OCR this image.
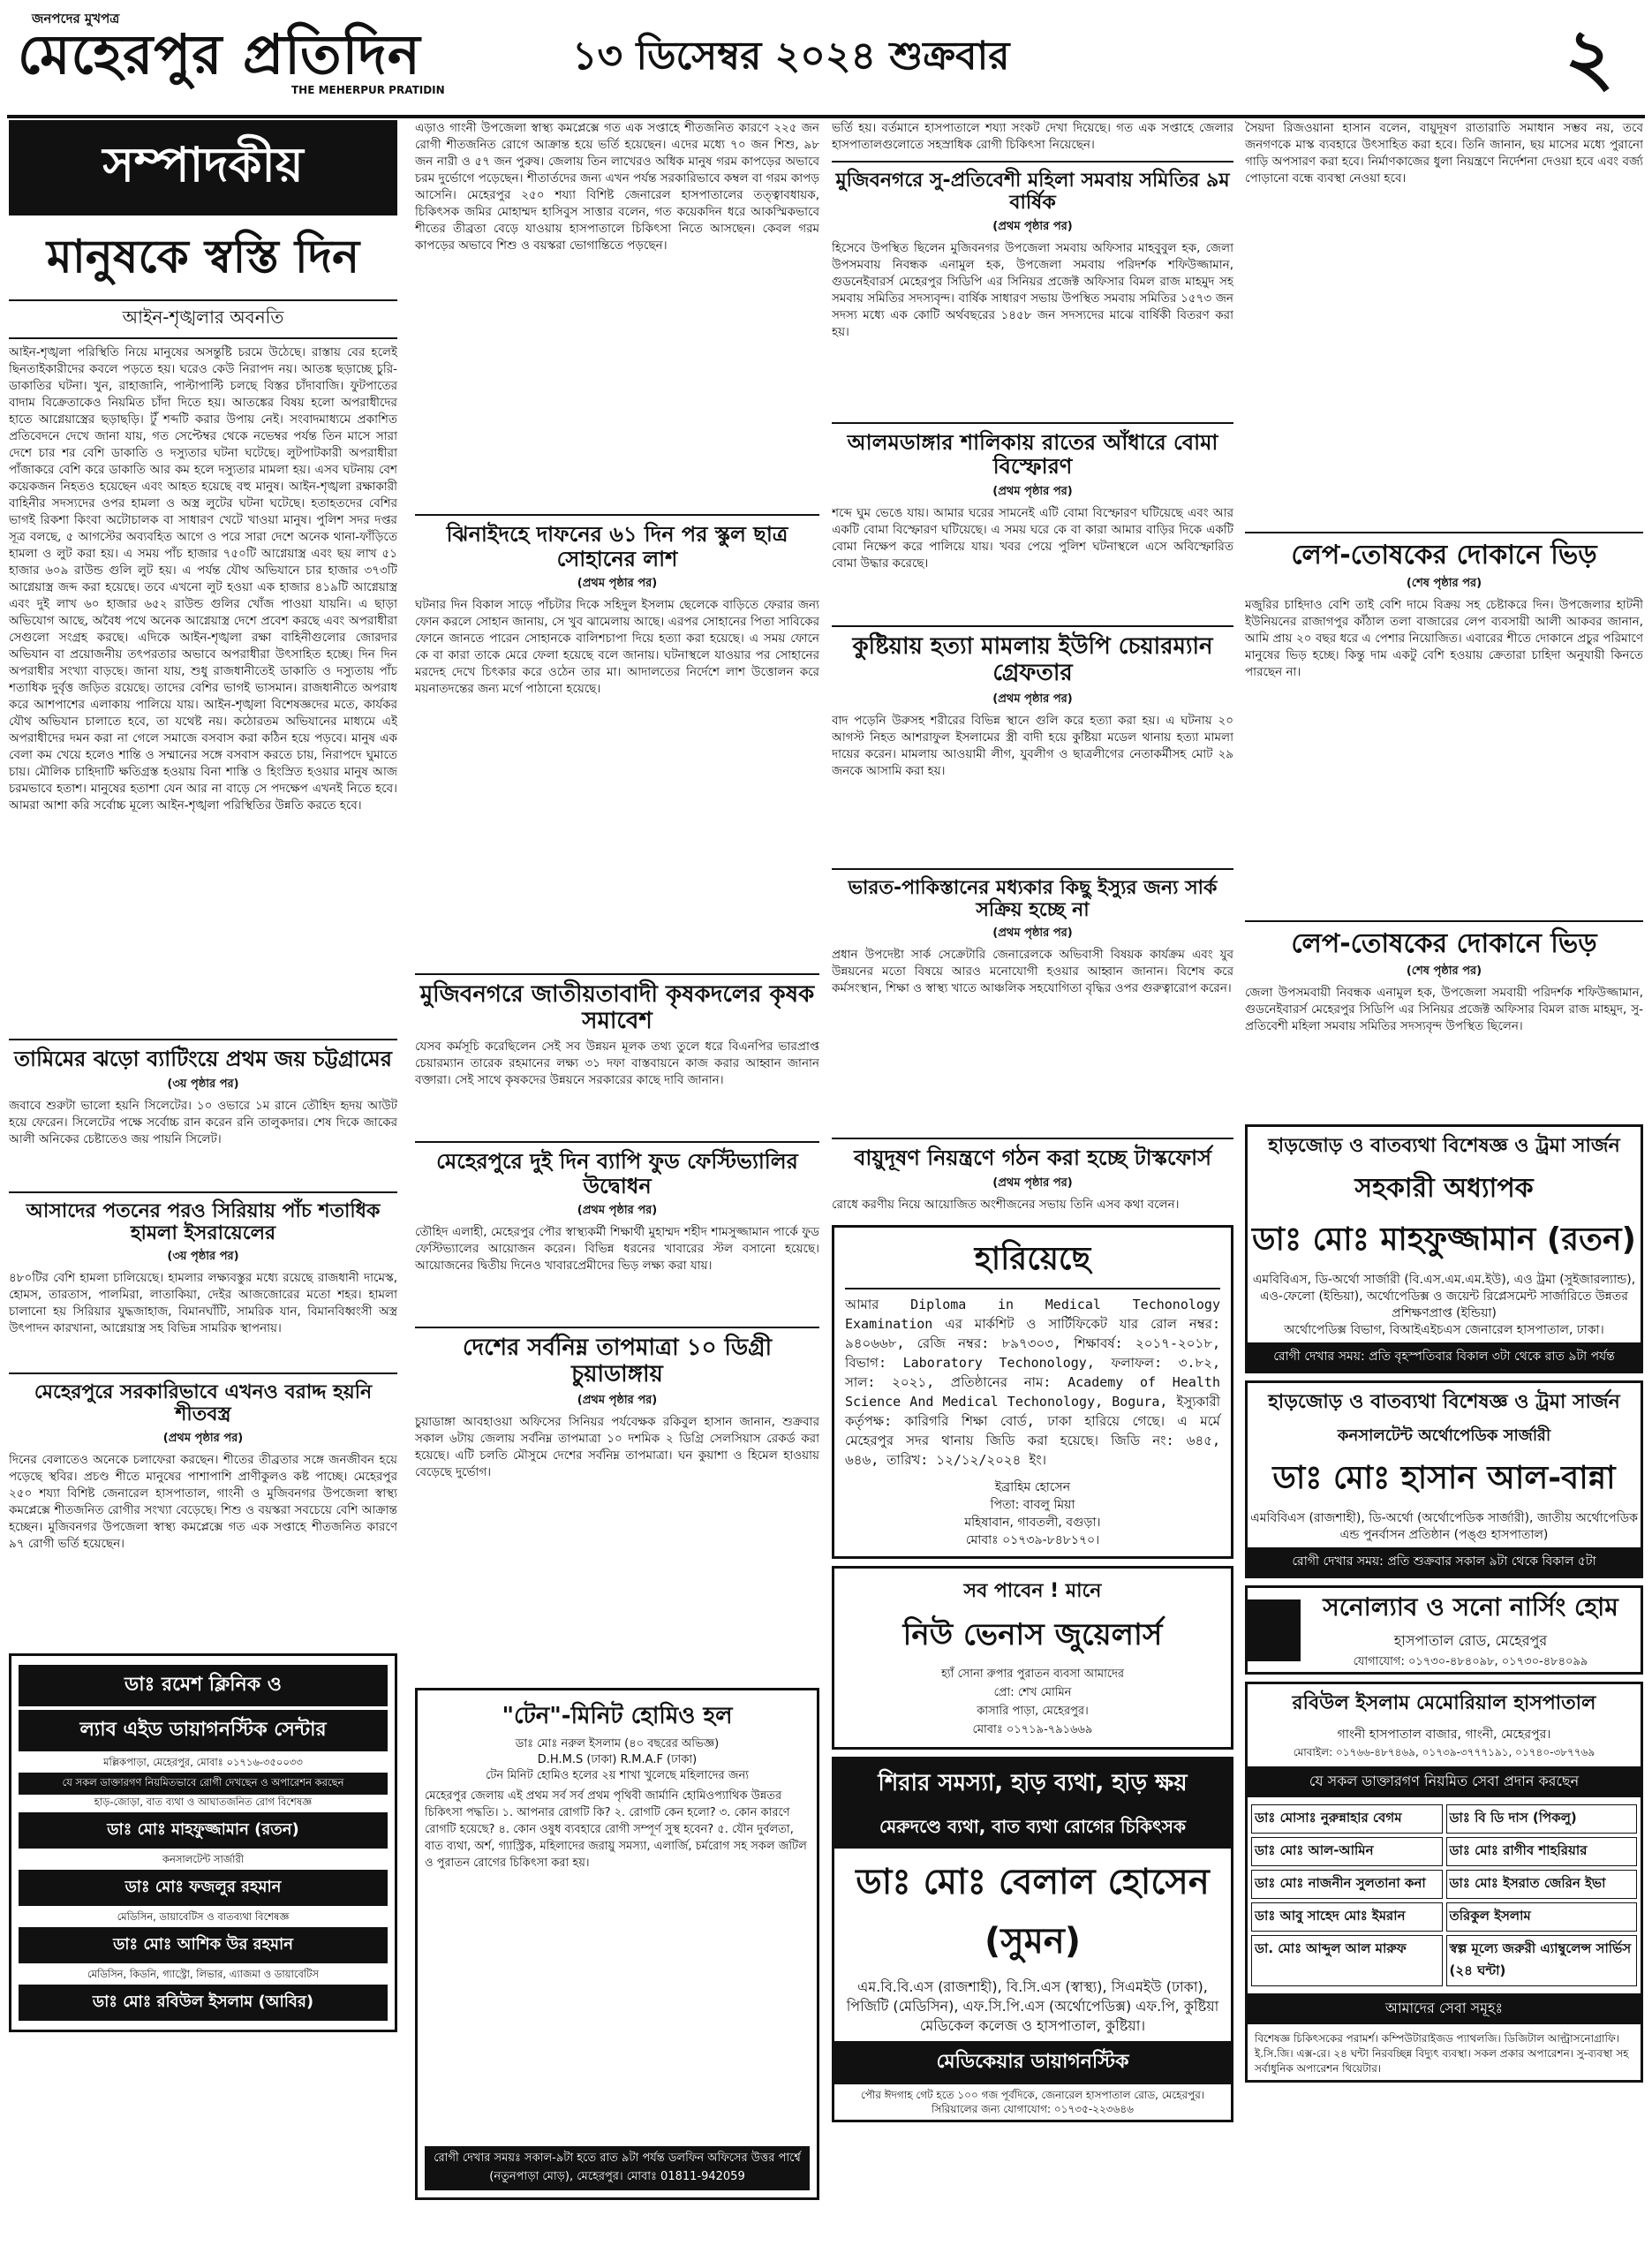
জনপদের মুখপত্র
মেহেরপুর প্রতিদিন
THE MEHERPUR PRATIDIN
১৩ ডিসেম্বর ২০২৪ শুক্রবার	২
সম্পাদকীয়
মানুষকে স্বস্তি দিন
আইন-শৃঙ্খলার অবনতি
আইন-শৃঙ্খলা পরিস্থিতি নিয়ে মানুষের অসন্তুষ্টি চরমে উঠেছে। রাস্তায় বের হলেই ছিনতাইকারীদের কবলে পড়তে হয়। ঘরেও কেউ নিরাপদ নয়। আতঙ্ক ছড়াচ্ছে চুরি-ডাকাতির ঘটনা। খুন, রাহাজানি, পাল্টাপাল্টি চলছে বিস্তর চাঁদাবাজি। ফুটপাতের বাদাম বিক্রেতাকেও নিয়মিত চাঁদা দিতে হয়। আতঙ্কের বিষয় হলো অপরাধীদের হাতে আগ্নেয়াস্ত্রের ছড়াছড়ি। টুঁ শব্দটি করার উপায় নেই। সংবাদমাধ্যমে প্রকাশিত প্রতিবেদনে দেখে জানা যায়, গত সেপ্টেম্বর থেকে নভেম্বর পর্যন্ত তিন মাসে সারা দেশে চার শর বেশি ডাকাতি ও দস্যুতার ঘটনা ঘটেছে। লুটপাটকারী অপরাধীরা পাঁজাকরে বেশি করে ডাকাতি আর কম হলে দস্যুতার মামলা হয়। এসব ঘটনায় বেশ কয়েকজন নিহতও হয়েছেন এবং আহত হয়েছে বহু মানুষ। আইন-শৃঙ্খলা রক্ষাকারী বাহিনীর সদস্যদের ওপর হামলা ও অস্ত্র লুটের ঘটনা ঘটেছে। হতাহতদের বেশির ভাগই রিকশা কিংবা অটোচালক বা সাধারণ খেটে খাওয়া মানুষ। পুলিশ সদর দপ্তর সূত্র বলছে, ৫ আগস্টের অব্যবহিত আগে ও পরে সারা দেশে অনেক থানা-ফাঁড়িতে হামলা ও লুট করা হয়। এ সময় পাঁচ হাজার ৭৫০টি আগ্নেয়াস্ত্র এবং ছয় লাখ ৫১ হাজার ৬০৯ রাউন্ড গুলি লুট হয়। এ পর্যন্ত যৌথ অভিযানে চার হাজার ৩৭৩টি আগ্নেয়াস্ত্র জব্দ করা হয়েছে। তবে এখনো লুট হওয়া এক হাজার ৪১৯টি আগ্নেয়াস্ত্র এবং দুই লাখ ৬০ হাজার ৬৫২ রাউন্ড গুলির খোঁজ পাওয়া যায়নি। এ ছাড়া অভিযোগ আছে, অবৈধ পথে অনেক আগ্নেয়াস্ত্র দেশে প্রবেশ করছে এবং অপরাধীরা সেগুলো সংগ্রহ করছে। এদিকে আইন-শৃঙ্খলা রক্ষা বাহিনীগুলোর জোরদার অভিযান বা প্রয়োজনীয় তৎপরতার অভাবে অপরাধীরা উৎসাহিত হচ্ছে। দিন দিন অপরাধীর সংখ্যা বাড়ছে। জানা যায়, শুধু রাজধানীতেই ডাকাতি ও দস্যুতায় পাঁচ শতাধিক দুর্বৃত্ত জড়িত রয়েছে। তাদের বেশির ভাগই ভাসমান। রাজধানীতে অপরাধ করে আশপাশের এলাকায় পালিয়ে যায়। আইন-শৃঙ্খলা বিশেষজ্ঞদের মতে, কার্যকর যৌথ অভিযান চালাতে হবে, তা যথেষ্ট নয়। কঠোরতম অভিযানের মাধ্যমে এই অপরাধীদের দমন করা না গেলে সমাজে বসবাস করা কঠিন হয়ে পড়বে। মানুষ এক বেলা কম খেয়ে হলেও শান্তি ও সম্মানের সঙ্গে বসবাস করতে চায়, নিরাপদে ঘুমাতে চায়। মৌলিক চাহিদাটি ক্ষতিগ্রস্ত হওয়ায় বিনা শাস্তি ও হিংস্রিত হওয়ার মানুষ আজ চরমভাবে হতাশ। মানুষের হতাশা যেন আর না বাড়ে সে পদক্ষেপ এখনই নিতে হবে। আমরা আশা করি সর্বোচ্চ মূল্যে আইন-শৃঙ্খলা পরিস্থিতির উন্নতি করতে হবে।
তামিমের ঝড়ো ব্যাটিংয়ে প্রথম জয় চট্টগ্রামের
(৩য় পৃষ্ঠার পর)
জবাবে শুরুটা ভালো হয়নি সিলেটের। ১০ ওভারে ১ম রানে তৌহিদ হৃদয় আউট হয়ে ফেরেন। সিলেটের পক্ষে সর্বোচ্চ রান করেন রনি তালুকদার। শেষ দিকে জাকের আলী অনিকের চেষ্টাতেও জয় পায়নি সিলেট।
আসাদের পতনের পরও সিরিয়ায় পাঁচ শতাধিক হামলা ইসরায়েলের
(৩য় পৃষ্ঠার পর)
৪৮০টির বেশি হামলা চালিয়েছে। হামলার লক্ষ্যবস্তুর মধ্যে রয়েছে রাজধানী দামেস্ক, হোমস, তারতাস, পালমিরা, লাতাকিয়া, দেইর আজজোরের মতো শহর। হামলা চালানো হয় সিরিয়ার যুদ্ধজাহাজ, বিমানঘাঁটি, সামরিক যান, বিমানবিধ্বংসী অস্ত্র উৎপাদন কারখানা, আগ্নেয়াস্ত্র সহ বিভিন্ন সামরিক স্থাপনায়।
মেহেরপুরে সরকারিভাবে এখনও বরাদ্দ হয়নি শীতবস্ত্র
(প্রথম পৃষ্ঠার পর)
দিনের বেলাতেও অনেকে চলাফেরা করছেন। শীতের তীব্রতার সঙ্গে জনজীবন হয়ে পড়েছে স্থবির। প্রচণ্ড শীতে মানুষের পাশাপাশি প্রাণীকুলও কষ্ট পাচ্ছে। মেহেরপুর ২৫০ শয্যা বিশিষ্ট জেনারেল হাসপাতাল, গাংনী ও মুজিবনগর উপজেলা স্বাস্থ্য কমপ্লেক্সে শীতজনিত রোগীর সংখ্যা বেড়েছে। শিশু ও বয়স্করা সবচেয়ে বেশি আক্রান্ত হচ্ছেন। মুজিবনগর উপজেলা স্বাস্থ্য কমপ্লেক্সে গত এক সপ্তাহে শীতজনিত কারণে ৯৭ রোগী ভর্তি হয়েছেন।
ডাঃ রমেশ ক্লিনিক ও
ল্যাব এইড ডায়াগনস্টিক সেন্টার
মল্লিকপাড়া, মেহেরপুর, মোবাঃ ০১৭১৬-৩৫০০৩৩
যে সকল ডাক্তারগণ নিয়মিতভাবে রোগী দেখছেন ও অপারেশন করছেন
হাড়-জোড়া, বাত ব্যথা ও আঘাতজনিত রোগ বিশেষজ্ঞ
ডাঃ মোঃ মাহফুজ্জামান (রতন)
কনসালটেন্ট সার্জারী
ডাঃ মোঃ ফজলুর রহমান
মেডিসিন, ডায়াবেটিস ও বাতব্যথা বিশেষজ্ঞ
ডাঃ মোঃ আশিক উর রহমান
মেডিসিন, কিডনি, গ্যাস্ট্রো, লিভার, এ্যাজমা ও ডায়াবেটিস
ডাঃ মোঃ রবিউল ইসলাম (আবির)
এড়াও গাংনী উপজেলা স্বাস্থ্য কমপ্লেক্সে গত এক সপ্তাহে শীতজনিত কারণে ২২৫ জন রোগী শীতজনিত রোগে আক্রান্ত হয়ে ভর্তি হয়েছেন। এদের মধ্যে ৭০ জন শিশু, ৯৮ জন নারী ও ৫৭ জন পুরুষ। জেলায় তিন লাখেরও অধিক মানুষ গরম কাপড়ের অভাবে চরম দুর্ভোগে পড়েছেন। শীতার্তদের জন্য এখন পর্যন্ত সরকারিভাবে কম্বল বা গরম কাপড় আসেনি। মেহেরপুর ২৫০ শয্যা বিশিষ্ট জেনারেল হাসপাতালের তত্ত্বাবধায়ক, চিকিৎসক জমির মোহাম্মদ হাসিবুস সাত্তার বলেন, গত কয়েকদিন ধরে আকস্মিকভাবে শীতের তীব্রতা বেড়ে যাওয়ায় হাসপাতালে চিকিৎসা নিতে আসছেন। কেবল গরম কাপড়ের অভাবে শিশু ও বয়স্করা ভোগান্তিতে পড়ছেন।
ঝিনাইদহে দাফনের ৬১ দিন পর স্কুল ছাত্র সোহানের লাশ
(প্রথম পৃষ্ঠার পর)
ঘটনার দিন বিকাল সাড়ে পাঁচটার দিকে সহিদুল ইসলাম ছেলেকে বাড়িতে ফেরার জন্য ফোন করলে সোহান জানায়, সে খুব ঝামেলায় আছে। এরপর সোহানের পিতা সাবিকের ফোনে জানতে পারেন সোহানকে বালিশচাপা দিয়ে হত্যা করা হয়েছে। এ সময় ফোনে কে বা কারা তাকে মেরে ফেলা হয়েছে বলে জানায়। ঘটনাস্থলে যাওয়ার পর সোহানের মরদেহ দেখে চিৎকার করে ওঠেন তার মা। আদালতের নির্দেশে লাশ উত্তোলন করে ময়নাতদন্তের জন্য মর্গে পাঠানো হয়েছে।
মুজিবনগরে জাতীয়তাবাদী কৃষকদলের কৃষক সমাবেশ
যেসব কর্মসূচি করেছিলেন সেই সব উন্নয়ন মূলক তথ্য তুলে ধরে বিএনপির ভারপ্রাপ্ত চেয়ারম্যান তারেক রহমানের লক্ষ্য ৩১ দফা বাস্তবায়নে কাজ করার আহ্বান জানান বক্তারা। সেই সাথে কৃষকদের উন্নয়নে সরকারের কাছে দাবি জানান।
মেহেরপুরে দুই দিন ব্যাপি ফুড ফেস্টিভ্যালির উদ্বোধন
(প্রথম পৃষ্ঠার পর)
তৌহিদ এলাহী, মেহেরপুর পৌর স্বাস্থ্যকর্মী শিক্ষার্থী মুহাম্মদ শহীদ শামসুজ্জামান পার্কে ফুড ফেস্টিভ্যালের আয়োজন করেন। বিভিন্ন ধরনের খাবারের স্টল বসানো হয়েছে। আয়োজনের দ্বিতীয় দিনেও খাবারপ্রেমীদের ভিড় লক্ষ্য করা যায়।
দেশের সর্বনিম্ন তাপমাত্রা ১০ ডিগ্রী চুয়াডাঙ্গায়
(প্রথম পৃষ্ঠার পর)
চুয়াডাঙ্গা আবহাওয়া অফিসের সিনিয়র পর্যবেক্ষক রকিবুল হাসান জানান, শুক্রবার সকাল ৬টায় জেলায় সর্বনিম্ন তাপমাত্রা ১০ দশমিক ২ ডিগ্রি সেলসিয়াস রেকর্ড করা হয়েছে। এটি চলতি মৌসুমে দেশের সর্বনিম্ন তাপমাত্রা। ঘন কুয়াশা ও হিমেল হাওয়ায় বেড়েছে দুর্ভোগ।
"টেন"-মিনিট হোমিও হল
ডাঃ মোঃ নরুল ইসলাম (৪০ বছরের অভিজ্ঞ)
D.H.M.S (ঢাকা) R.M.A.F (ঢাকা)
টেন মিনিট হোমিও হলের ২য় শাখা খুলেছে মহিলাদের জন্য
মেহেরপুর জেলায় এই প্রথম সর্ব সর্ব প্রথম পৃথিবী জার্মানি হোমিওপ্যাথিক উন্নতর চিকিৎসা পদ্ধতি। ১. আপনার রোগটি কি? ২. রোগটি কেন হলো? ৩. কোন কারণে রোগটি হয়েছে? ৪. কোন ওষুধ ব্যবহারে রোগী সম্পূর্ণ সুস্থ হবেন? ৫. যৌন দুর্বলতা, বাত ব্যথা, অর্শ, গ্যাস্ট্রিক, মহিলাদের জরায়ু সমস্যা, এলার্জি, চর্মরোগ সহ সকল জটিল ও পুরাতন রোগের চিকিৎসা করা হয়।
রোগী দেখার সময়ঃ সকাল-৯টা হতে রাত ৯টা পর্যন্ত ডলফিন অফিসের উত্তর পার্শ্বে (নতুনপাড়া মোড়), মেহেরপুর। মোবাঃ 01811-942059
ভর্তি হয়। বর্তমানে হাসপাতালে শয্যা সংকট দেখা দিয়েছে। গত এক সপ্তাহে জেলার হাসপাতালগুলোতে সহস্রাধিক রোগী চিকিৎসা নিয়েছেন।
মুজিবনগরে সু-প্রতিবেশী মহিলা সমবায় সমিতির ৯ম বার্ষিক
(প্রথম পৃষ্ঠার পর)
হিসেবে উপস্থিত ছিলেন মুজিবনগর উপজেলা সমবায় অফিসার মাহবুবুল হক, জেলা উপসমবায় নিবন্ধক এনামুল হক, উপজেলা সমবায় পরিদর্শক শফিউজ্জামান, গুডনেইবারর্স মেহেরপুর সিডিপি এর সিনিয়র প্রজেক্ট অফিসার বিমল রাজ মাহমুদ সহ সমবায় সমিতির সদস্যবৃন্দ। বার্ষিক সাধারণ সভায় উপস্থিত সমবায় সমিতির ১৫৭৩ জন সদস্য মধ্যে এক কোটি অর্থবছরের ১৪৫৮ জন সদস্যদের মাঝে বার্ষিকী বিতরণ করা হয়।
আলমডাঙ্গার শালিকায় রাতের আঁধারে বোমা বিস্ফোরণ
(প্রথম পৃষ্ঠার পর)
শব্দে ঘুম ভেঙে যায়। আমার ঘরের সামনেই এটি বোমা বিস্ফোরণ ঘটিয়েছে এবং আর একটি বোমা বিস্ফোরণ ঘটিয়েছে। এ সময় ঘরে কে বা কারা আমার বাড়ির দিকে একটি বোমা নিক্ষেপ করে পালিয়ে যায়। খবর পেয়ে পুলিশ ঘটনাস্থলে এসে অবিস্ফোরিত বোমা উদ্ধার করেছে।
কুষ্টিয়ায় হত্যা মামলায় ইউপি চেয়ারম্যান গ্রেফতার
(প্রথম পৃষ্ঠার পর)
বাদ পড়েনি উরুসহ শরীরের বিভিন্ন স্থানে গুলি করে হত্যা করা হয়। এ ঘটনায় ২০ আগস্ট নিহত আশরাফুল ইসলামের স্ত্রী বাদী হয়ে কুষ্টিয়া মডেল থানায় হত্যা মামলা দায়ের করেন। মামলায় আওয়ামী লীগ, যুবলীগ ও ছাত্রলীগের নেতাকর্মীসহ মোট ২৯ জনকে আসামি করা হয়।
ভারত-পাকিস্তানের মধ্যকার কিছু ইস্যুর জন্য সার্ক সক্রিয় হচ্ছে না
(প্রথম পৃষ্ঠার পর)
প্রধান উপদেষ্টা সার্ক সেক্রেটারি জেনারেলকে অভিবাসী বিষয়ক কার্যক্রম এবং যুব উন্নয়নের মতো বিষয়ে আরও মনোযোগী হওয়ার আহ্বান জানান। বিশেষ করে কর্মসংস্থান, শিক্ষা ও স্বাস্থ্য খাতে আঞ্চলিক সহযোগিতা বৃদ্ধির ওপর গুরুত্বারোপ করেন।
বায়ুদূষণ নিয়ন্ত্রণে গঠন করা হচ্ছে টাস্কফোর্স
(প্রথম পৃষ্ঠার পর)
রোধে করণীয় নিয়ে আয়োজিত অংশীজনের সভায় তিনি এসব কথা বলেন।
হারিয়েছে
আমার Diploma in Medical Techonology Examination এর মার্কশিট ও সার্টিফিকেট যার রোল নম্বর: ৯৪০৬৬৮, রেজি নম্বর: ৮৯৭৩০৩, শিক্ষাবর্ষ: ২০১৭-২০১৮, বিভাগ: Laboratory Techonology, ফলাফল: ৩.৮২, সাল: ২০২১, প্রতিষ্ঠানের নাম: Academy of Health Science And Medical Techonology, Bogura, ইস্যুকারী কর্তৃপক্ষ: কারিগরি শিক্ষা বোর্ড, ঢাকা হারিয়ে গেছে। এ মর্মে মেহেরপুর সদর থানায় জিডি করা হয়েছে। জিডি নং: ৬৪৫, ৬৪৬, তারিখ: ১২/১২/২০২৪ ইং।
ইব্রাহিম হোসেন
পিতা: বাবলু মিয়া
মহিষাবান, গাবতলী, বগুড়া।
মোবাঃ ০১৭৩৯-৮৪৮১৭০।
সব পাবেন ! মানে
নিউ ভেনাস জুয়েলার্স
হ্যাঁ সোনা রুপার পুরাতন ব্যবসা আমাদের
প্রো: শেখ মোমিন
কাসারি পাড়া, মেহেরপুর।
মোবাঃ ০১৭১৯-৭৯১৬৬৯
শিরার সমস্যা, হাড় ব্যথা, হাড় ক্ষয়
মেরুদণ্ডে ব্যথা, বাত ব্যথা রোগের চিকিৎসক
ডাঃ মোঃ বেলাল হোসেন (সুমন)
এম.বি.বি.এস (রাজশাহী), বি.সি.এস (স্বাস্থ্য), সিএমইউ (ঢাকা), পিজিটি (মেডিসিন), এফ.সি.পি.এস (অর্থোপেডিক্স) এফ.পি, কুষ্টিয়া মেডিকেল কলেজ ও হাসপাতাল, কুষ্টিয়া।
মেডিকেয়ার ডায়াগনস্টিক
পৌর ঈদগাহ গেট হতে ১০০ গজ পূর্বদিকে, জেনারেল হাসপাতাল রোড, মেহেরপুর। সিরিয়ালের জন্য যোগাযোগ: ০১৭৩৫-২২৩৬৪৬
সৈয়দা রিজওয়ানা হাসান বলেন, বায়ুদূষণ রাতারাতি সমাধান সম্ভব নয়, তবে জনগণকে মাস্ক ব্যবহারে উৎসাহিত করা হবে। তিনি জানান, ছয় মাসের মধ্যে পুরানো গাড়ি অপসারণ করা হবে। নির্মাণকাজের ধুলা নিয়ন্ত্রণে নির্দেশনা দেওয়া হবে এবং বর্জ্য পোড়ানো বন্ধে ব্যবস্থা নেওয়া হবে।
লেপ-তোষকের দোকানে ভিড়
(শেষ পৃষ্ঠার পর)
মজুরির চাহিদাও বেশি তাই বেশি দামে বিক্রয় সহ চেষ্টাকরে দিন। উপজেলার হাটনী ইউনিয়নের রাজাগপুর কাঁঠাল তলা বাজারের লেপ ব্যবসায়ী আলী আকবর জানান, আমি প্রায় ২০ বছর ধরে এ পেশার নিয়োজিত। এবারের শীতে দোকানে প্রচুর পরিমাণে মানুষের ভিড় হচ্ছে। কিন্তু দাম একটু বেশি হওয়ায় ক্রেতারা চাহিদা অনুযায়ী কিনতে পারছেন না।
লেপ-তোষকের দোকানে ভিড়
(শেষ পৃষ্ঠার পর)
জেলা উপসমবায়ী নিবন্ধক এনামুল হক, উপজেলা সমবায়ী পরিদর্শক শফিউজ্জামান, গুডনেইবারর্স মেহেরপুর সিডিপি এর সিনিয়র প্রজেক্ট অফিসার বিমল রাজ মাহমুদ, সু-প্রতিবেশী মহিলা সমবায় সমিতির সদস্যবৃন্দ উপস্থিত ছিলেন।
হাড়জোড় ও বাতব্যথা বিশেষজ্ঞ ও ট্রমা সার্জন
সহকারী অধ্যাপক
ডাঃ মোঃ মাহফুজ্জামান (রতন)
এমবিবিএস, ডি-অর্থো সার্জারী (বি.এস.এম.এম.ইউ), এও ট্রমা (সুইজারল্যান্ড), এও-ফেলো (ইন্ডিয়া), অর্থোপেডিক্স ও জয়েন্ট রিপ্লেসমেন্ট সার্জারিতে উন্নতর প্রশিক্ষণপ্রাপ্ত (ইন্ডিয়া)
অর্থোপেডিক্স বিভাগ, বিআইএইচএস জেনারেল হাসপাতাল, ঢাকা।
রোগী দেখার সময়: প্রতি বৃহস্পতিবার বিকাল ৩টা থেকে রাত ৯টা পর্যন্ত
হাড়জোড় ও বাতব্যথা বিশেষজ্ঞ ও ট্রমা সার্জন
কনসালটেন্ট অর্থোপেডিক সার্জারী
ডাঃ মোঃ হাসান আল-বান্না
এমবিবিএস (রাজশাহী), ডি-অর্থো (অর্থোপেডিক সার্জারী), জাতীয় অর্থোপেডিক এন্ড পুনর্বাসন প্রতিষ্ঠান (পঙ্গু হাসপাতাল)
রোগী দেখার সময়: প্রতি শুক্রবার সকাল ৯টা থেকে বিকাল ৫টা
সনোল্যাব ও সনো নার্সিং হোম
হাসপাতাল রোড, মেহেরপুর
যোগাযোগ: ০১৭৩০-৪৮৪০৯৮, ০১৭৩০-৪৮৪০৯৯
রবিউল ইসলাম মেমোরিয়াল হাসপাতাল
গাংনী হাসপাতাল বাজার, গাংনী, মেহেরপুর।
মোবাইল: ০১৭৬৬-৪৮৭৪৬৯, ০১৭৩৯-৩৭৭৭১৯১, ০১৭৪০-৩৮৭৭৬৯
যে সকল ডাক্তারগণ নিয়মিত সেবা প্রদান করছেন
ডাঃ মোসাঃ নুরুন্নাহার বেগম	ডাঃ বি ডি দাস (পিকলু)
ডাঃ মোঃ আল-আমিন	ডাঃ মোঃ রাগীব শাহরিয়ার
ডাঃ মোঃ নাজনীন সুলতানা কনা	ডাঃ মোঃ ইসরাত জেরিন ইভা
ডাঃ আবু সাহেদ মোঃ ইমরান	তরিকুল ইসলাম
ডা. মোঃ আব্দুল আল মারুফ	স্বল্প মূল্যে জরুরী এ্যাম্বুলেন্স সার্ভিস (২৪ ঘন্টা)
আমাদের সেবা সমূহঃ
বিশেষজ্ঞ চিকিৎসকের পরামর্শ। কম্পিউটারাইজড প্যাথলজি। ডিজিটাল আল্ট্রাসনোগ্রাফি। ই.সি.জি। এক্স-রে। ২৪ ঘন্টা নিরবচ্ছিন্ন বিদ্যুৎ ব্যবস্থা। সকল প্রকার অপারেশন। সু-ব্যবস্থা সহ সর্বাধুনিক অপারেশন থিয়েটার।
